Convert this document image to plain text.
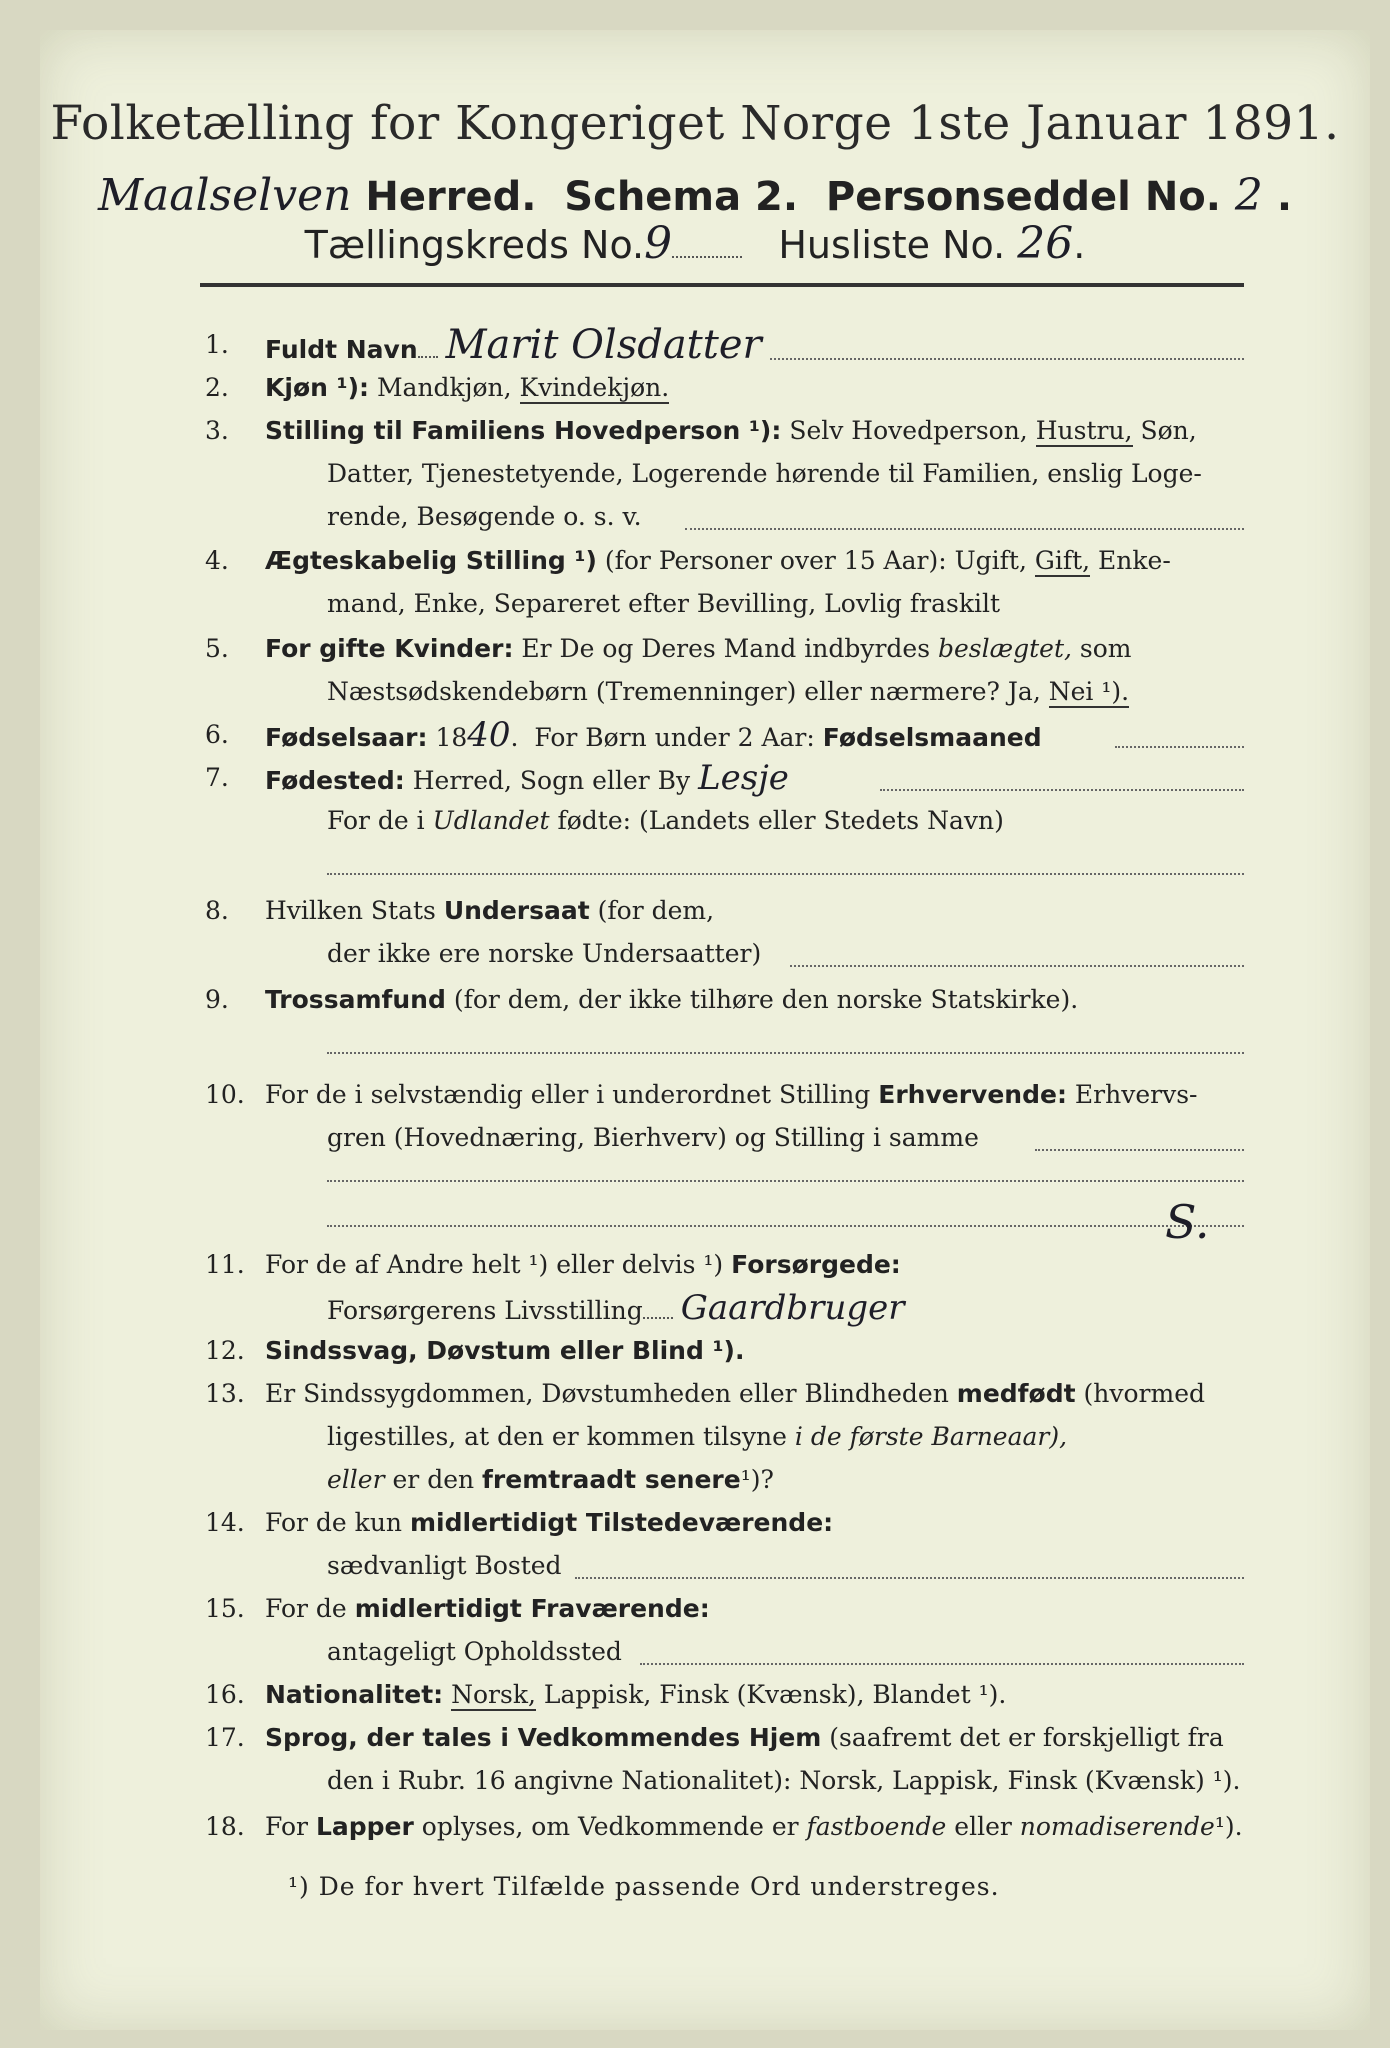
Folketælling for Kongeriget Norge 1ste Januar 1891.
Maalselven Herred. Schema 2. Personseddel No. 2 .
Tællingskreds No.9	Husliste No. 26.
1.	Fuldt Navn Marit Olsdatter
2.	Kjøn ¹): Mandkjøn, Kvindekjøn.
3.	Stilling til Familiens Hovedperson ¹): Selv Hovedperson, Hustru, Søn,
Datter, Tjenestetyende, Logerende hørende til Familien, enslig Loge-
rende, Besøgende o. s. v.
4.	Ægteskabelig Stilling ¹) (for Personer over 15 Aar): Ugift, Gift, Enke-
mand, Enke, Separeret efter Bevilling, Lovlig fraskilt
5.	For gifte Kvinder: Er De og Deres Mand indbyrdes beslægtet, som
Næstsødskendebørn (Tremenninger) eller nærmere? Ja, Nei ¹).
6.	Fødselsaar: 1840.  For Børn under 2 Aar: Fødselsmaaned
7.	Fødested: Herred, Sogn eller By Lesje
For de i Udlandet fødte: (Landets eller Stedets Navn)
8.	Hvilken Stats Undersaat (for dem,
der ikke ere norske Undersaatter)
9.	Trossamfund (for dem, der ikke tilhøre den norske Statskirke).
10. For de i selvstændig eller i underordnet Stilling Erhvervende: Erhvervs-
gren (Hovednæring, Bierhverv) og Stilling i samme
11. For de af Andre helt ¹) eller delvis ¹) Forsørgede:
Forsørgerens Livsstilling Gaardbruger
S.
12. Sindssvag, Døvstum eller Blind ¹).
13. Er Sindssygdommen, Døvstumheden eller Blindheden medfødt (hvormed
ligestilles, at den er kommen tilsyne i de første Barneaar),
eller er den fremtraadt senere¹)?
14. For de kun midlertidigt Tilstedeværende:
sædvanligt Bosted
15. For de midlertidigt Fraværende:
antageligt Opholdssted
16. Nationalitet: Norsk, Lappisk, Finsk (Kvænsk), Blandet ¹).
17. Sprog, der tales i Vedkommendes Hjem (saafremt det er forskjelligt fra
den i Rubr. 16 angivne Nationalitet): Norsk, Lappisk, Finsk (Kvænsk) ¹).
18. For Lapper oplyses, om Vedkommende er fastboende eller nomadiserende¹).
¹) De for hvert Tilfælde passende Ord understreges.
